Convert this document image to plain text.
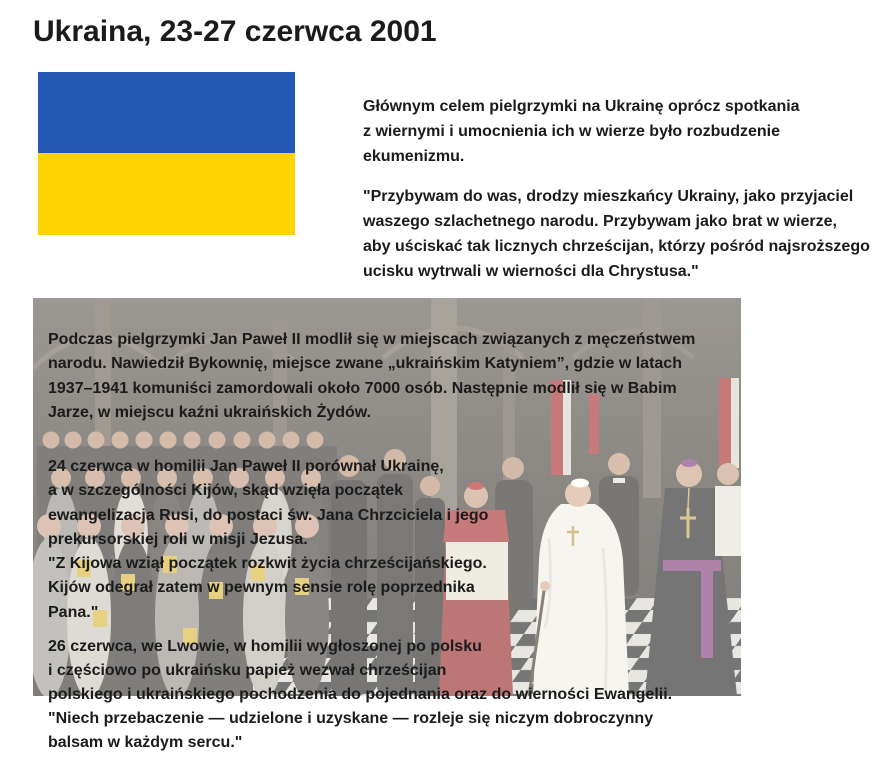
Ukraina, 23-27 czerwca 2001

Głównym celem pielgrzymki na Ukrainę oprócz spotkania
z wiernymi i umocnienia ich w wierze było rozbudzenie
ekumenizmu.

"Przybywam do was, drodzy mieszkańcy Ukrainy, jako przyjaciel
waszego szlachetnego narodu. Przybywam jako brat w wierze,
aby uściskać tak licznych chrześcijan, którzy pośród najsroższego
ucisku wytrwali w wierności dla Chrystusa."

Podczas pielgrzymki Jan Paweł II modlił się w miejscach związanych z męczeństwem
narodu. Nawiedził Bykownię, miejsce zwane „ukraińskim Katyniem”, gdzie w latach
1937–1941 komuniści zamordowali około 7000 osób. Następnie modlił się w Babim
Jarze, w miejscu kaźni ukraińskich Żydów.

24 czerwca w homilii Jan Paweł II porównał Ukrainę,
a w szczególności Kijów, skąd wzięła początek
ewangelizacja Rusi, do postaci św. Jana Chrzciciela i jego
prekursorskiej roli w misji Jezusa.

"Z Kijowa wziął początek rozkwit życia chrześcijańskiego.
Kijów odegrał zatem w pewnym sensie rolę poprzednika
Pana."

26 czerwca, we Lwowie, w homilii wygłoszonej po polsku
i częściowo po ukraińsku papież wezwał chrześcijan
polskiego i ukraińskiego pochodzenia do pojednania oraz do wierności Ewangelii.

"Niech przebaczenie — udzielone i uzyskane — rozleje się niczym dobroczynny
balsam w każdym sercu."
